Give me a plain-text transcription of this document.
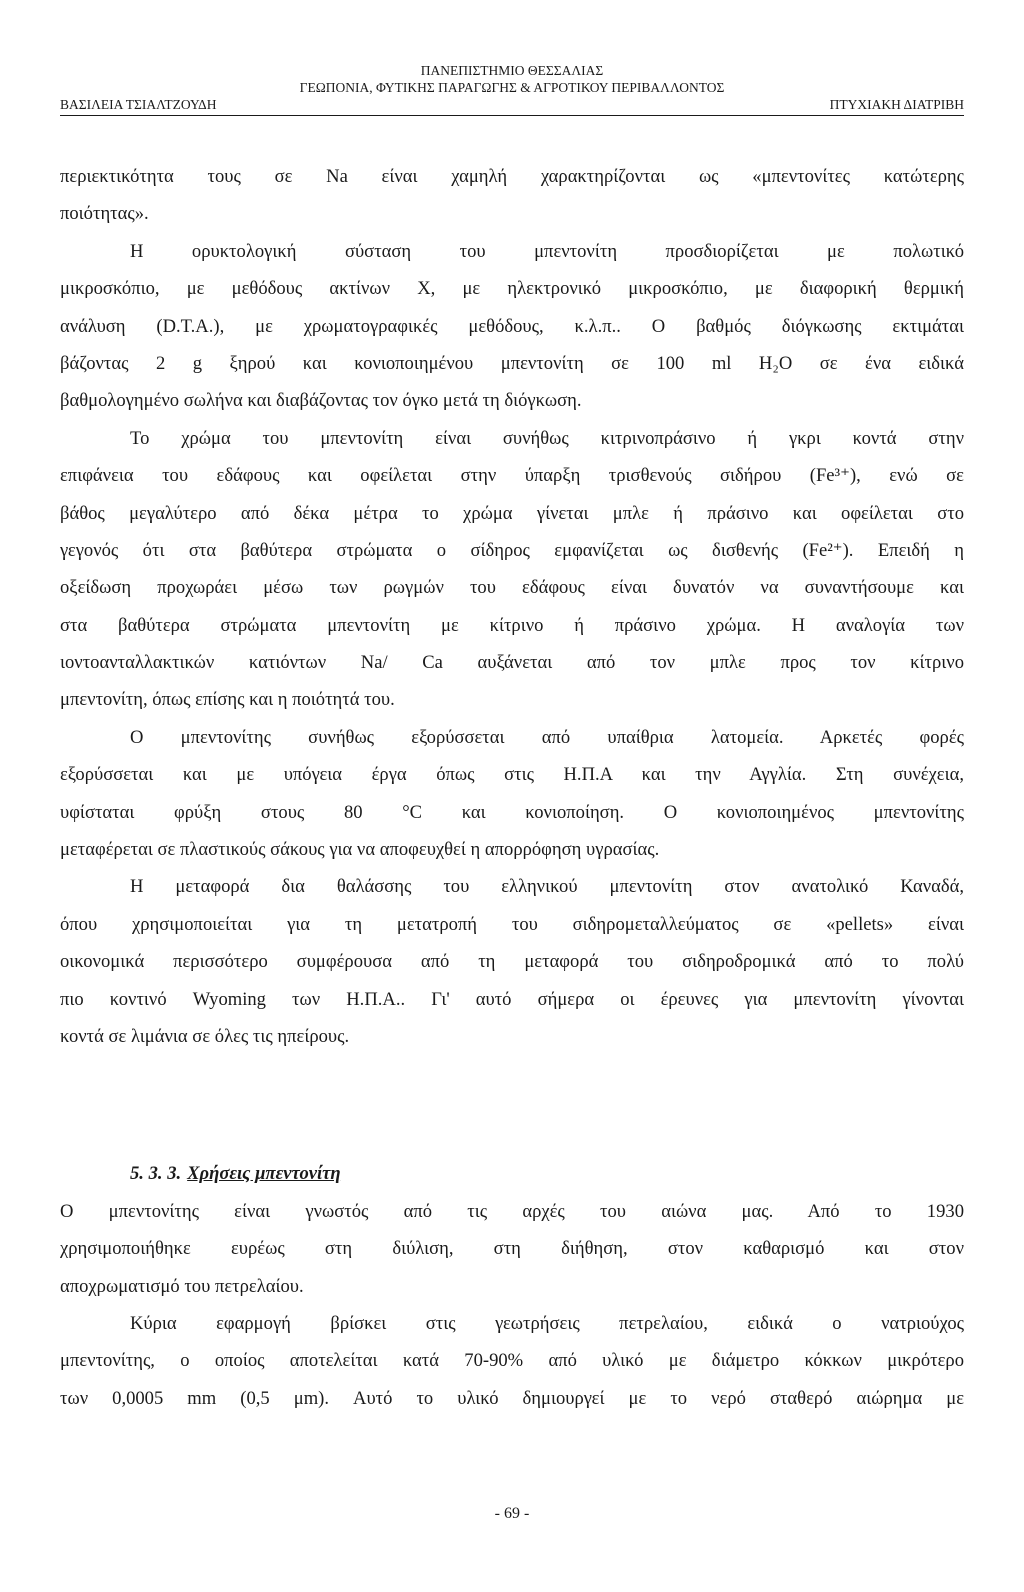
ΠΑΝΕΠΙΣΤΗΜΙΟ ΘΕΣΣΑΛΙΑΣ
ΓΕΩΠΟΝΙΑ, ΦΥΤΙΚΗΣ ΠΑΡΑΓΩΓΗΣ & ΑΓΡΟΤΙΚΟΥ ΠΕΡΙΒΑΛΛΟΝΤΟΣ
ΒΑΣΙΛΕΙΑ ΤΣΙΑΛΤΖΟΥΔΗ	ΠΤΥΧΙΑΚΗ ΔΙΑΤΡΙΒΗ
περιεκτικότητα τους σε Na είναι χαμηλή χαρακτηρίζονται ως «μπεντονίτες κατώτερης
ποιότητας».
Η ορυκτολογική σύσταση του μπεντονίτη προσδιορίζεται με πολωτικό
μικροσκόπιο, με μεθόδους ακτίνων X, με ηλεκτρονικό μικροσκόπιο, με διαφορική θερμική
ανάλυση (D.T.A.), με χρωματογραφικές μεθόδους, κ.λ.π.. Ο βαθμός διόγκωσης εκτιμάται
βάζοντας 2 g ξηρού και κονιοποιημένου μπεντονίτη σε 100 ml H₂O σε ένα ειδικά
βαθμολογημένο σωλήνα και διαβάζοντας τον όγκο μετά τη διόγκωση.
Το χρώμα του μπεντονίτη είναι συνήθως κιτρινοπράσινο ή γκρι κοντά στην
επιφάνεια του εδάφους και οφείλεται στην ύπαρξη τρισθενούς σιδήρου (Fe³⁺), ενώ σε
βάθος μεγαλύτερο από δέκα μέτρα το χρώμα γίνεται μπλε ή πράσινο και οφείλεται στο
γεγονός ότι στα βαθύτερα στρώματα ο σίδηρος εμφανίζεται ως δισθενής (Fe²⁺). Επειδή η
οξείδωση προχωράει μέσω των ρωγμών του εδάφους είναι δυνατόν να συναντήσουμε και
στα βαθύτερα στρώματα μπεντονίτη με κίτρινο ή πράσινο χρώμα. Η αναλογία των
ιοντοανταλλακτικών κατιόντων Na/ Ca αυξάνεται από τον μπλε προς τον κίτρινο
μπεντονίτη, όπως επίσης και η ποιότητά του.
Ο μπεντονίτης συνήθως εξορύσσεται από υπαίθρια λατομεία. Αρκετές φορές
εξορύσσεται και με υπόγεια έργα όπως στις Η.Π.Α και την Αγγλία. Στη συνέχεια,
υφίσταται φρύξη στους 80 °C και κονιοποίηση. Ο κονιοποιημένος μπεντονίτης
μεταφέρεται σε πλαστικούς σάκους για να αποφευχθεί η απορρόφηση υγρασίας.
Η μεταφορά δια θαλάσσης του ελληνικού μπεντονίτη στον ανατολικό Καναδά,
όπου χρησιμοποιείται για τη μετατροπή του σιδηρομεταλλεύματος σε «pellets» είναι
οικονομικά περισσότερο συμφέρουσα από τη μεταφορά του σιδηροδρομικά από το πολύ
πιο κοντινό Wyoming των Η.Π.Α.. Γι' αυτό σήμερα οι έρευνες για μπεντονίτη γίνονται
κοντά σε λιμάνια σε όλες τις ηπείρους.
5. 3. 3. Χρήσεις μπεντονίτη
Ο μπεντονίτης είναι γνωστός από τις αρχές του αιώνα μας. Από το 1930
χρησιμοποιήθηκε ευρέως στη διύλιση, στη διήθηση, στον καθαρισμό και στον
αποχρωματισμό του πετρελαίου.
Κύρια εφαρμογή βρίσκει στις γεωτρήσεις πετρελαίου, ειδικά ο νατριούχος
μπεντονίτης, ο οποίος αποτελείται κατά 70-90% από υλικό με διάμετρο κόκκων μικρότερο
των 0,0005 mm (0,5 μm). Αυτό το υλικό δημιουργεί με το νερό σταθερό αιώρημα με
- 69 -
